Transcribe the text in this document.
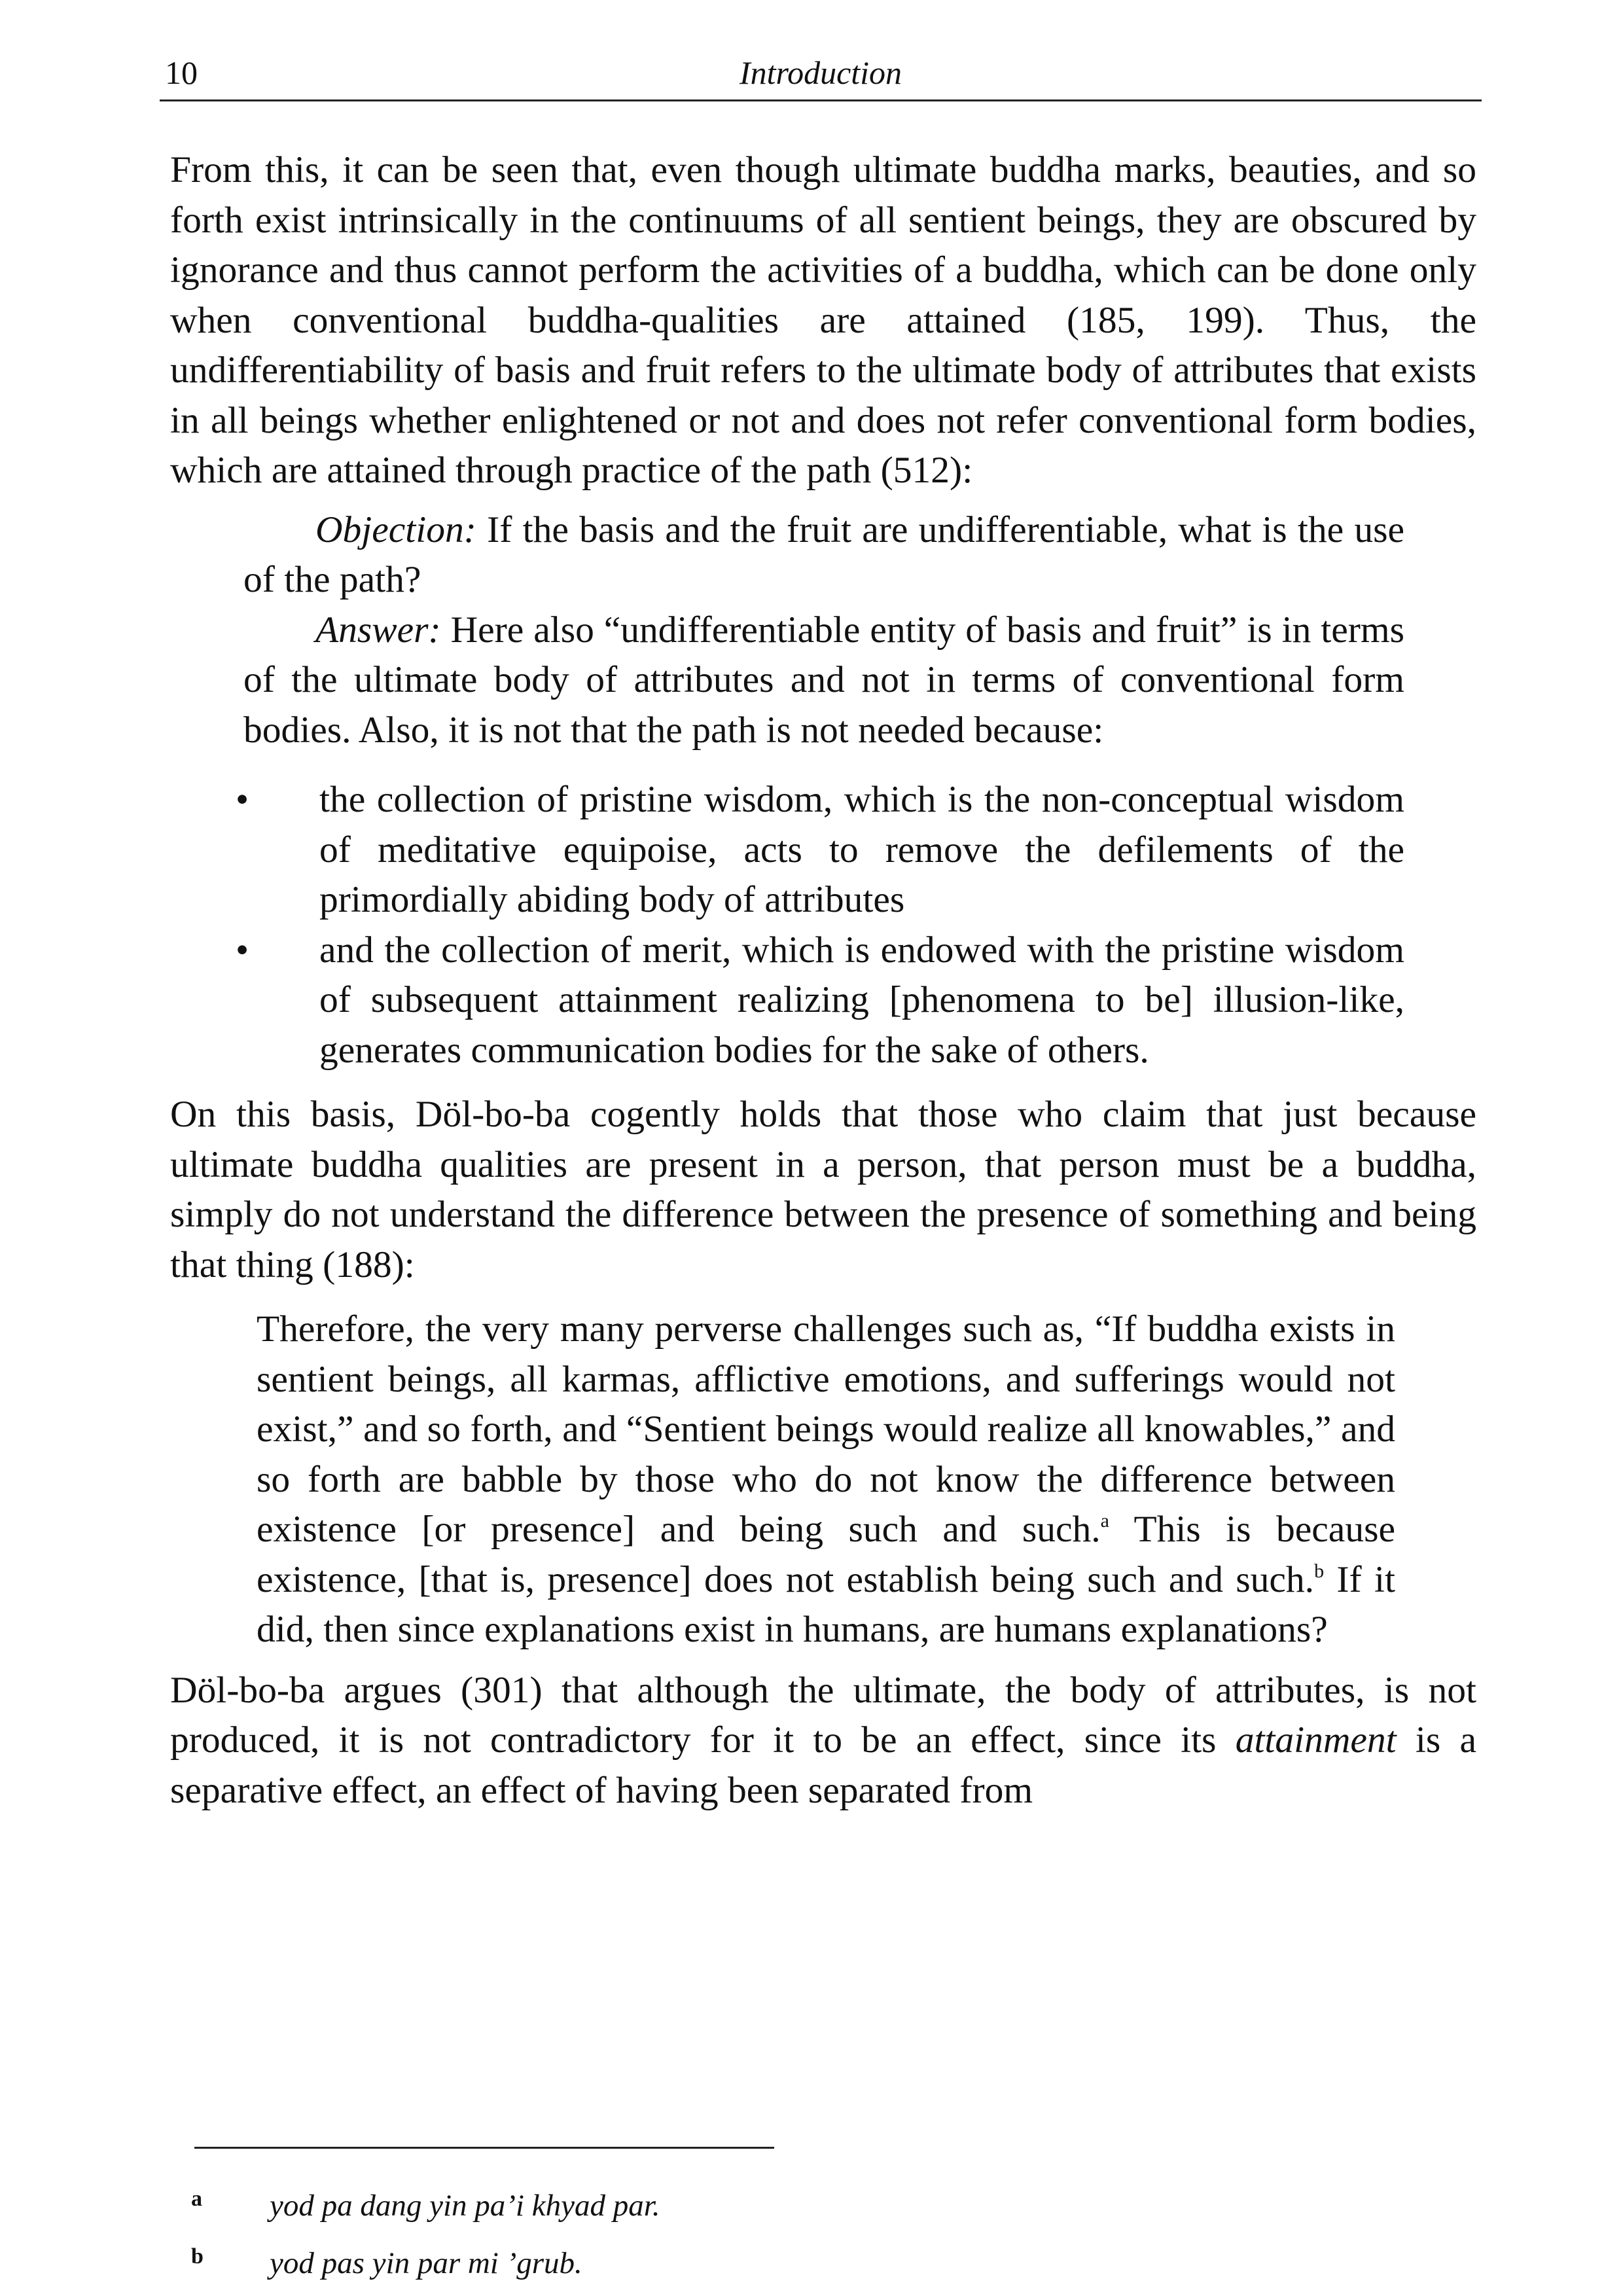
10	Introduction

From this, it can be seen that, even though ultimate buddha marks, beauties, and so forth exist intrinsically in the continuums of all sentient beings, they are obscured by ignorance and thus cannot perform the activities of a buddha, which can be done only when conventional buddha-qualities are attained (185, 199). Thus, the undifferentiability of basis and fruit refers to the ultimate body of attributes that exists in all beings whether enlightened or not and does not refer conventional form bodies, which are attained through practice of the path (512):

Objection: If the basis and the fruit are undifferentiable, what is the use of the path?

Answer: Here also “undifferentiable entity of basis and fruit” is in terms of the ultimate body of attributes and not in terms of conventional form bodies. Also, it is not that the path is not needed because:

• the collection of pristine wisdom, which is the non-conceptual wisdom of meditative equipoise, acts to remove the defilements of the primordially abiding body of attributes
• and the collection of merit, which is endowed with the pristine wisdom of subsequent attainment realizing [phenomena to be] illusion-like, generates communication bodies for the sake of others.

On this basis, Döl-bo-ba cogently holds that those who claim that just because ultimate buddha qualities are present in a person, that person must be a buddha, simply do not understand the difference between the presence of something and being that thing (188):

Therefore, the very many perverse challenges such as, “If buddha exists in sentient beings, all karmas, afflictive emotions, and sufferings would not exist,” and so forth, and “Sentient beings would realize all knowables,” and so forth are babble by those who do not know the difference between existence [or presence] and being such and such.$^a$ This is because existence, [that is, presence] does not establish being such and such.$^b$ If it did, then since explanations exist in humans, are humans explanations?

Döl-bo-ba argues (301) that although the ultimate, the body of attributes, is not produced, it is not contradictory for it to be an effect, since its attainment is a separative effect, an effect of having been separated from

a yod pa dang yin pa’i khyad par.
b yod pas yin par mi ’grub.
